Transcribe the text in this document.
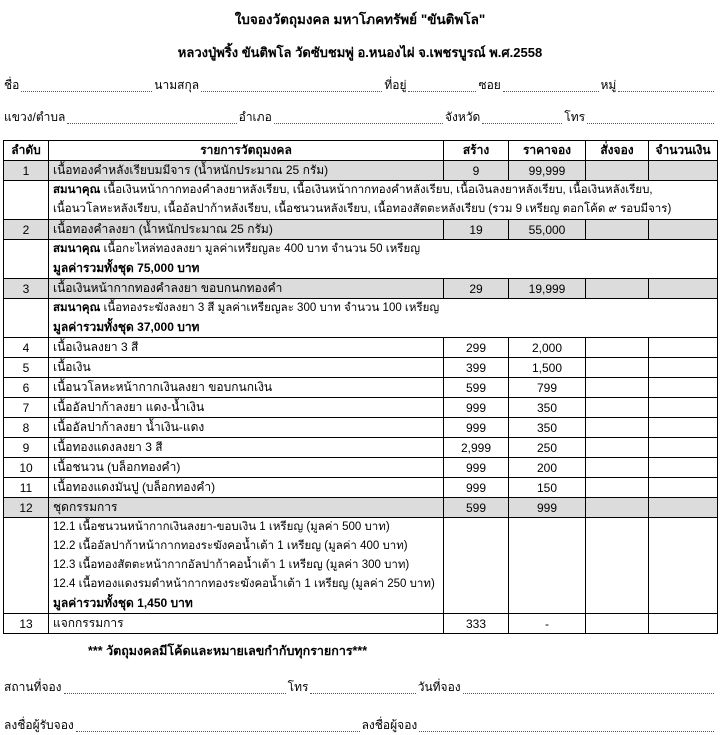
ใบจองวัตถุมงคล มหาโภคทรัพย์ "ขันติพโล"
หลวงปู่พริ้ง ขันติพโล วัดซับชมพู่ อ.หนองไผ่ จ.เพชรบูรณ์ พ.ศ.2558
ชื่อ	นามสกุล	ที่อยู่	ซอย	หมู่
แขวง/ตำบล	อำเภอ	จังหวัด	โทร
ลำดับ	รายการวัตถุมงคล	สร้าง	ราคาจอง	สั่งจอง	จำนวนเงิน
1	เนื้อทองคำหลังเรียบมมีจาร (น้ำหนักประมาณ 25 กรัม)	9	99,999		

	สมนาคุณ เนื้อเงินหน้ากากทองคำลงยาหลังเรียบ, เนื้อเงินหน้ากากทองคำหลังเรียบ, เนื้อเงินลงยาหลังเรียบ, เนื้อเงินหลังเรียบ,
เนื้อนวโลหะหลังเรียบ, เนื้ออัลปาก้าหลังเรียบ, เนื้อชนวนหลังเรียบ, เนื้อทองสัตตะหลังเรียบ (รวม 9 เหรียญ ตอกโค้ด ๙ รอบมีจาร)				

2	เนื้อทองคำลงยา (น้ำหนักประมาณ 25 กรัม)	19	55,000		

	สมนาคุณ เนื้อกะไหล่ทองลงยา มูลค่าเหรียญละ 400 บาท จำนวน 50 เหรียญ
มูลค่ารวมทั้งชุด 75,000 บาท				

3	เนื้อเงินหน้ากากทองคำลงยา ขอบกนกทองคำ	29	19,999		

	สมนาคุณ เนื้อทองระฆังลงยา 3 สี มูลค่าเหรียญละ 300 บาท จำนวน 100 เหรียญ
มูลค่ารวมทั้งชุด 37,000 บาท				

4	เนื้อเงินลงยา 3 สี	299	2,000		
5	เนื้อเงิน	399	1,500		
6	เนื้อนวโลหะหน้ากากเงินลงยา ขอบกนกเงิน	599	799		
7	เนื้ออัลปาก้าลงยา แดง-น้ำเงิน	999	350		
8	เนื้ออัลปาก้าลงยา น้ำเงิน-แดง	999	350		
9	เนื้อทองแดงลงยา 3 สี	2,999	250		
10	เนื้อชนวน (บล็อกทองคำ)	999	200		
11	เนื้อทองแดงมันปู (บล็อกทองคำ)	999	150		
12	ชุดกรรมการ	599	999		

	12.1 เนื้อชนวนหน้ากากเงินลงยา-ขอบเงิน 1 เหรียญ (มูลค่า 500 บาท)
12.2 เนื้ออัลปาก้าหน้ากากทองระฆังคอน้ำเต้า 1 เหรียญ (มูลค่า 400 บาท)
12.3 เนื้อทองสัตตะหน้ากากอัลปาก้าคอน้ำเต้า 1 เหรียญ (มูลค่า 300 บาท)
12.4 เนื้อทองแดงรมดำหน้ากากทองระฆังคอน้ำเต้า 1 เหรียญ (มูลค่า 250 บาท)
มูลค่ารวมทั้งชุด 1,450 บาท				

13	แจกกรรมการ	333	-		
*** วัตถุมงคลมีโค้ดและหมายเลขกำกับทุกรายการ***
สถานที่จอง	โทร	วันที่จอง
ลงชื่อผู้รับจอง	ลงชื่อผู้จอง
